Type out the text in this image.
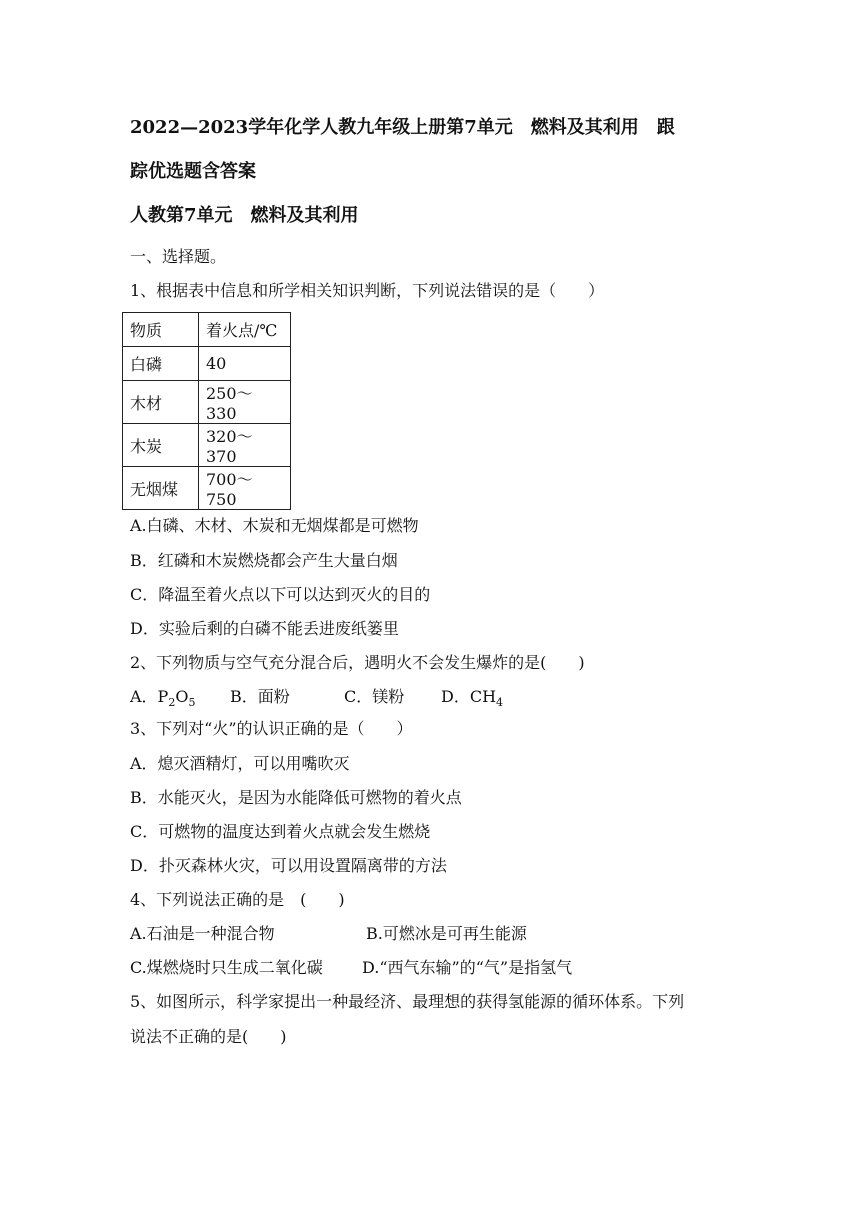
2022—2023学年化学人教九年级上册第7单元　燃料及其利用　跟
踪优选题含答案
人教第7单元　燃料及其利用
一、选择题。
1、根据表中信息和所学相关知识判断，下列说法错误的是（　　）
物质	着火点/℃
白磷	40
木材	250～330
木炭	320～370
无烟煤	700～750
A.白磷、木材、木炭和无烟煤都是可燃物
B．红磷和木炭燃烧都会产生大量白烟
C．降温至着火点以下可以达到灭火的目的
D．实验后剩的白磷不能丢进废纸篓里
2、下列物质与空气充分混合后，遇明火不会发生爆炸的是(　　)
A．$P_2O_5$ B．面粉	C．镁粉 D．$CH_4$
3、下列对“火”的认识正确的是（　　）
A．熄灭酒精灯，可以用嘴吹灭
B．水能灭火，是因为水能降低可燃物的着火点
C．可燃物的温度达到着火点就会发生燃烧
D．扑灭森林火灾，可以用设置隔离带的方法
4、下列说法正确的是　(　　)
A.石油是一种混合物	B.可燃冰是可再生能源
C.煤燃烧时只生成二氧化碳 D.“西气东输”的“气”是指氢气
5、如图所示，科学家提出一种最经济、最理想的获得氢能源的循环体系。下列
说法不正确的是(　　)
